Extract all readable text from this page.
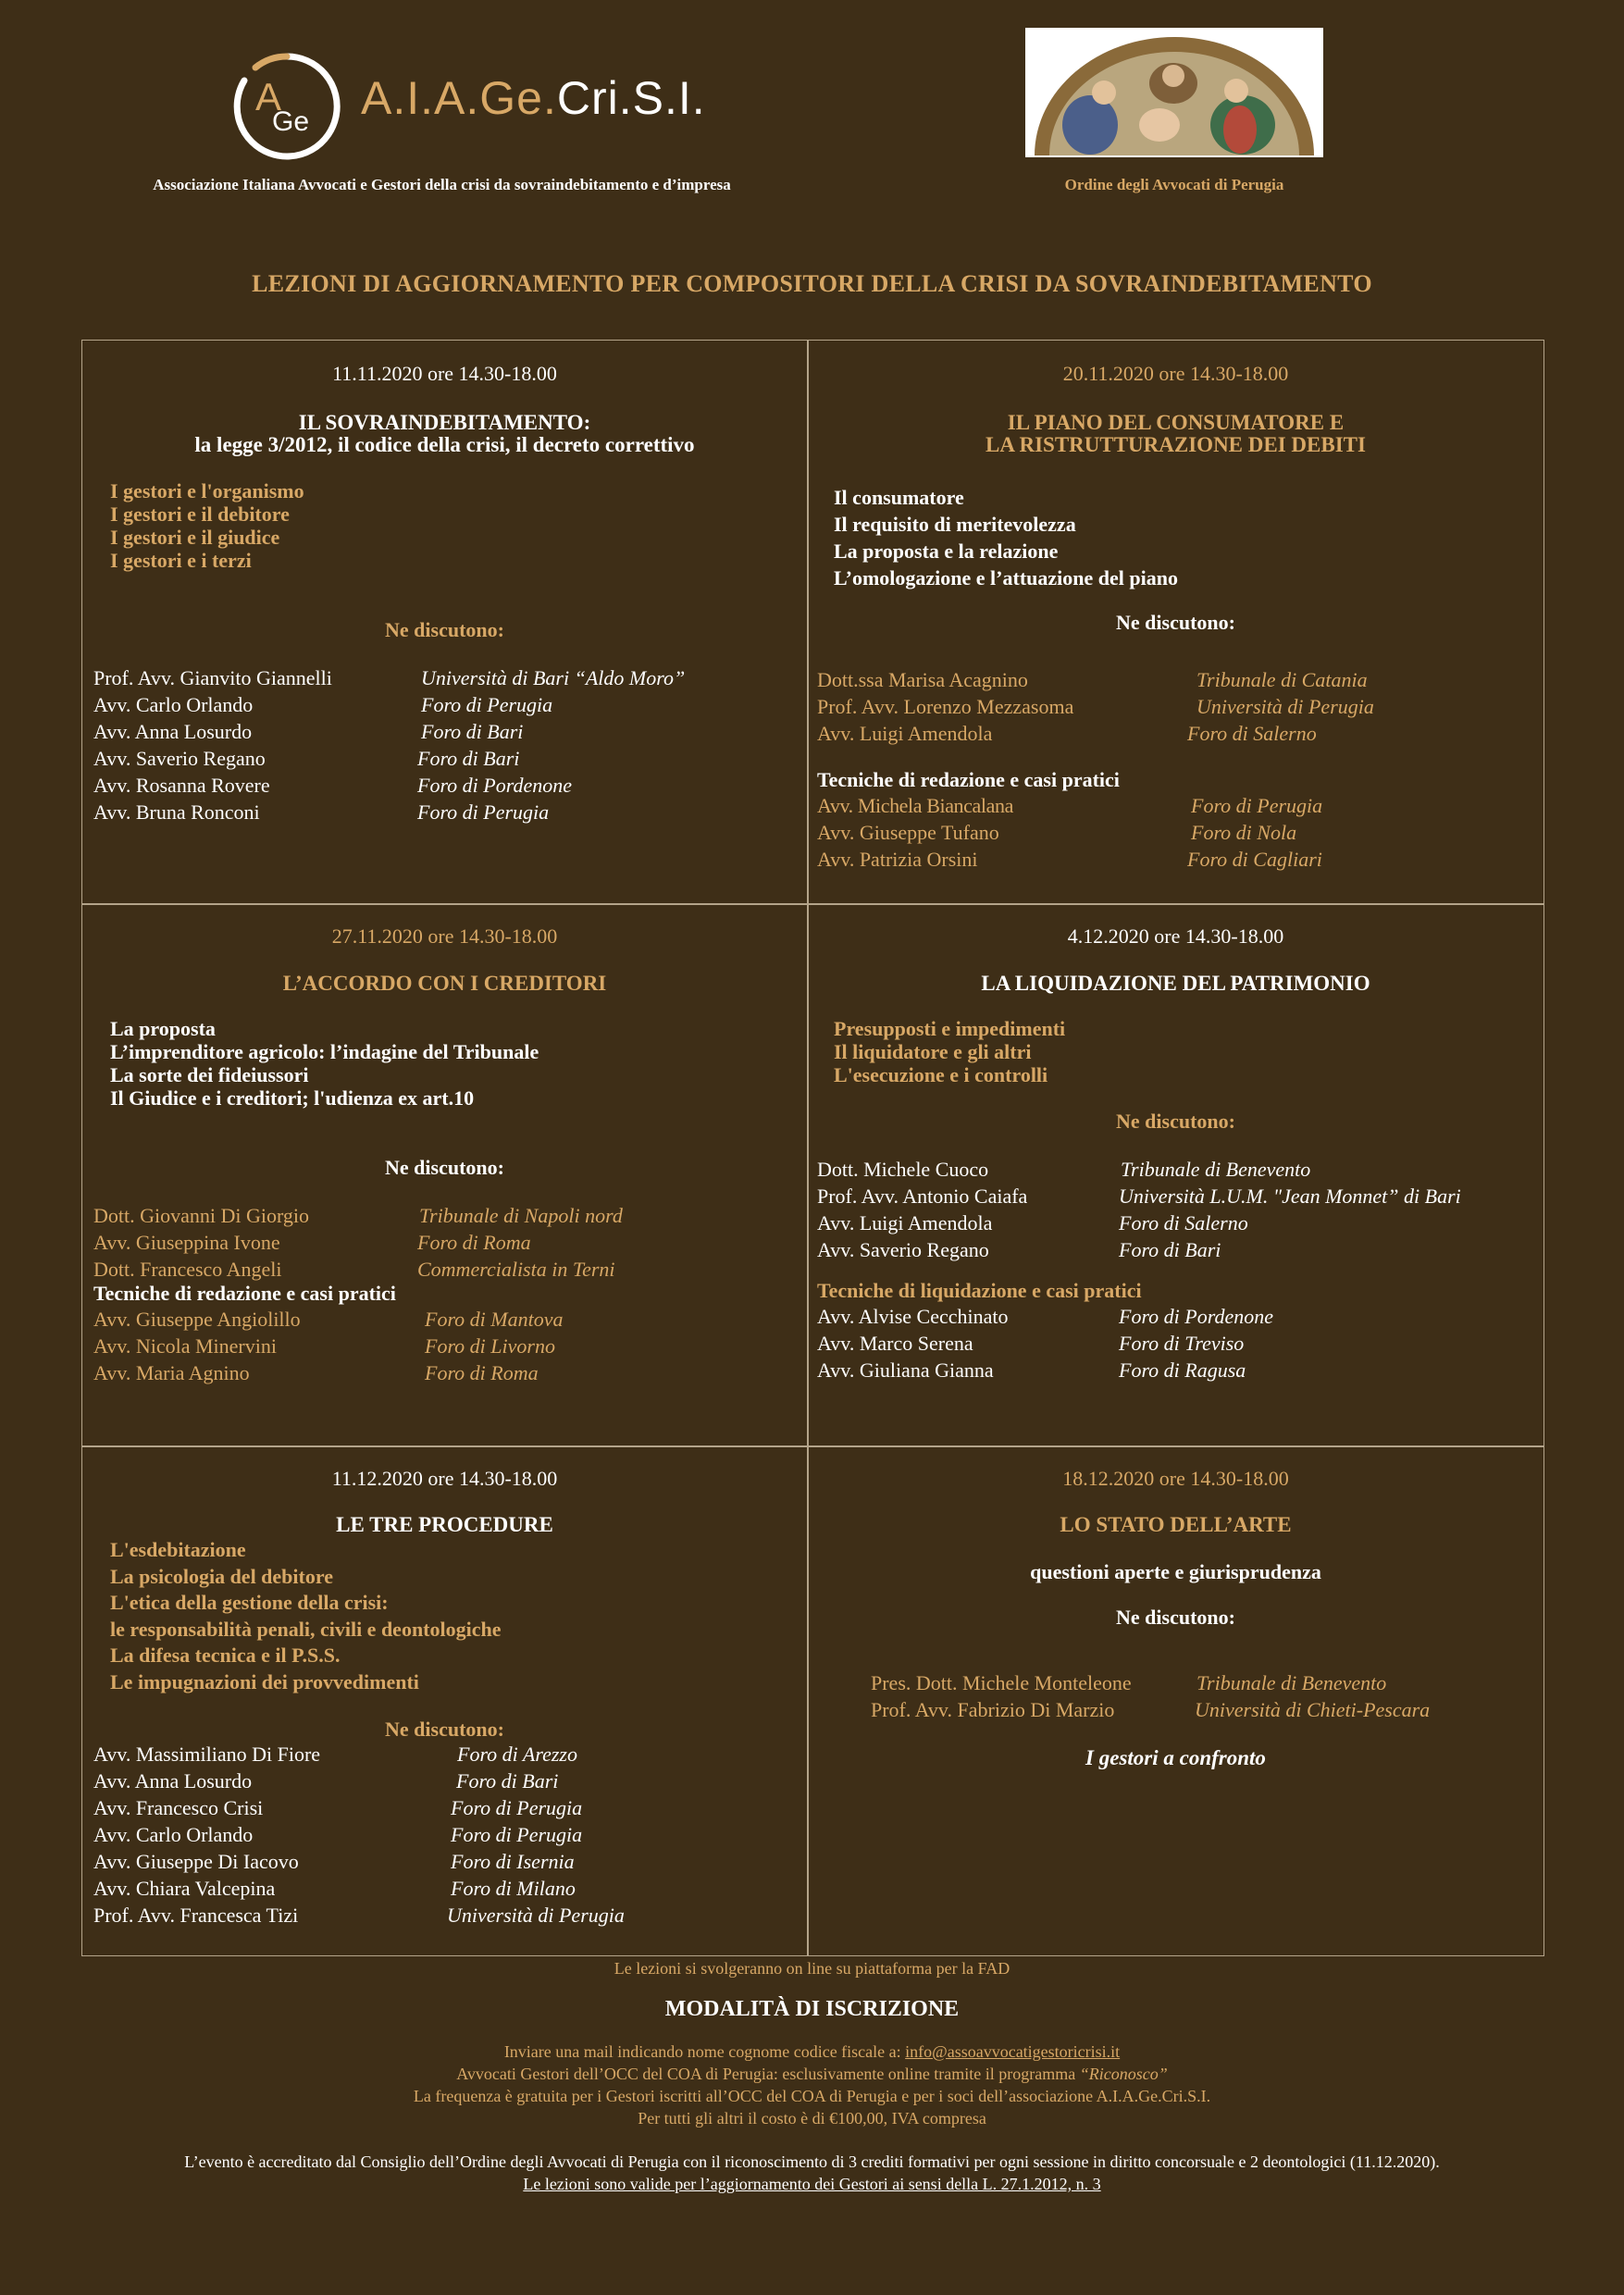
A
Ge A.I.A.Ge.Cri.S.I.
Associazione Italiana Avvocati e Gestori della crisi da sovraindebitamento e d’impresa	Ordine degli Avvocati di Perugia
LEZIONI DI AGGIORNAMENTO PER COMPOSITORI DELLA CRISI DA SOVRAINDEBITAMENTO
11.11.2020 ore 14.30-18.00
IL SOVRAINDEBITAMENTO:
la legge 3/2012, il codice della crisi, il decreto correttivo
I gestori e l'organismo
I gestori e il debitore
I gestori e il giudice
I gestori e i terzi
Ne discutono:
Prof. Avv. Gianvito Giannelli	Università di Bari “Aldo Moro”
Avv. Carlo Orlando	Foro di Perugia
Avv. Anna Losurdo	Foro di Bari
Avv. Saverio Regano	Foro di Bari
Avv. Rosanna Rovere	Foro di Pordenone
Avv. Bruna Ronconi	Foro di Perugia
20.11.2020 ore 14.30-18.00
IL PIANO DEL CONSUMATORE E
LA RISTRUTTURAZIONE DEI DEBITI
Il consumatore
Il requisito di meritevolezza
La proposta e la relazione
L’omologazione e l’attuazione del piano
Ne discutono:
Dott.ssa Marisa Acagnino	Tribunale di Catania
Prof. Avv. Lorenzo Mezzasoma	Università di Perugia
Avv. Luigi Amendola	Foro di Salerno
Tecniche di redazione e casi pratici
Avv. Michela Biancalana	Foro di Perugia
Avv. Giuseppe Tufano	Foro di Nola
Avv. Patrizia Orsini	Foro di Cagliari
27.11.2020 ore 14.30-18.00
L’ACCORDO CON I CREDITORI
La proposta
L’imprenditore agricolo: l’indagine del Tribunale
La sorte dei fideiussori
Il Giudice e i creditori; l'udienza ex art.10
Ne discutono:
Dott. Giovanni Di Giorgio	Tribunale di Napoli nord
Avv. Giuseppina Ivone	Foro di Roma
Dott. Francesco Angeli	Commercialista in Terni
Tecniche di redazione e casi pratici
Avv. Giuseppe Angiolillo	Foro di Mantova
Avv. Nicola Minervini	Foro di Livorno
Avv. Maria Agnino	Foro di Roma
4.12.2020 ore 14.30-18.00
LA LIQUIDAZIONE DEL PATRIMONIO
Presupposti e impedimenti
Il liquidatore e gli altri
L'esecuzione e i controlli
Ne discutono:
Dott. Michele Cuoco	Tribunale di Benevento
Prof. Avv. Antonio Caiafa	Università L.U.M. "Jean Monnet” di Bari
Avv. Luigi Amendola	Foro di Salerno
Avv. Saverio Regano	Foro di Bari
Tecniche di liquidazione e casi pratici
Avv. Alvise Cecchinato	Foro di Pordenone
Avv. Marco Serena	Foro di Treviso
Avv. Giuliana Gianna	Foro di Ragusa
11.12.2020 ore 14.30-18.00
LE TRE PROCEDURE
L'esdebitazione
La psicologia del debitore
L'etica della gestione della crisi:
le responsabilità penali, civili e deontologiche
La difesa tecnica e il P.S.S.
Le impugnazioni dei provvedimenti
Ne discutono:
Avv. Massimiliano Di Fiore	Foro di Arezzo
Avv. Anna Losurdo	Foro di Bari
Avv. Francesco Crisi	Foro di Perugia
Avv. Carlo Orlando	Foro di Perugia
Avv. Giuseppe Di Iacovo	Foro di Isernia
Avv. Chiara Valcepina	Foro di Milano
Prof. Avv. Francesca Tizi	Università di Perugia
18.12.2020 ore 14.30-18.00
LO STATO DELL’ARTE
questioni aperte e giurisprudenza
Ne discutono:
Pres. Dott. Michele Monteleone	Tribunale di Benevento
Prof. Avv. Fabrizio Di Marzio	Università di Chieti-Pescara
I gestori a confronto
Le lezioni si svolgeranno on line su piattaforma per la FAD
MODALITÀ DI ISCRIZIONE
Inviare una mail indicando nome cognome codice fiscale a: info@assoavvocatigestoricrisi.it
Avvocati Gestori dell’OCC del COA di Perugia: esclusivamente online tramite il programma “Riconosco”
La frequenza è gratuita per i Gestori iscritti all’OCC del COA di Perugia e per i soci dell’associazione A.I.A.Ge.Cri.S.I.
Per tutti gli altri il costo è di €100,00, IVA compresa
L’evento è accreditato dal Consiglio dell’Ordine degli Avvocati di Perugia con il riconoscimento di 3 crediti formativi per ogni sessione in diritto concorsuale e 2 deontologici (11.12.2020).
Le lezioni sono valide per l’aggiornamento dei Gestori ai sensi della L. 27.1.2012, n. 3
